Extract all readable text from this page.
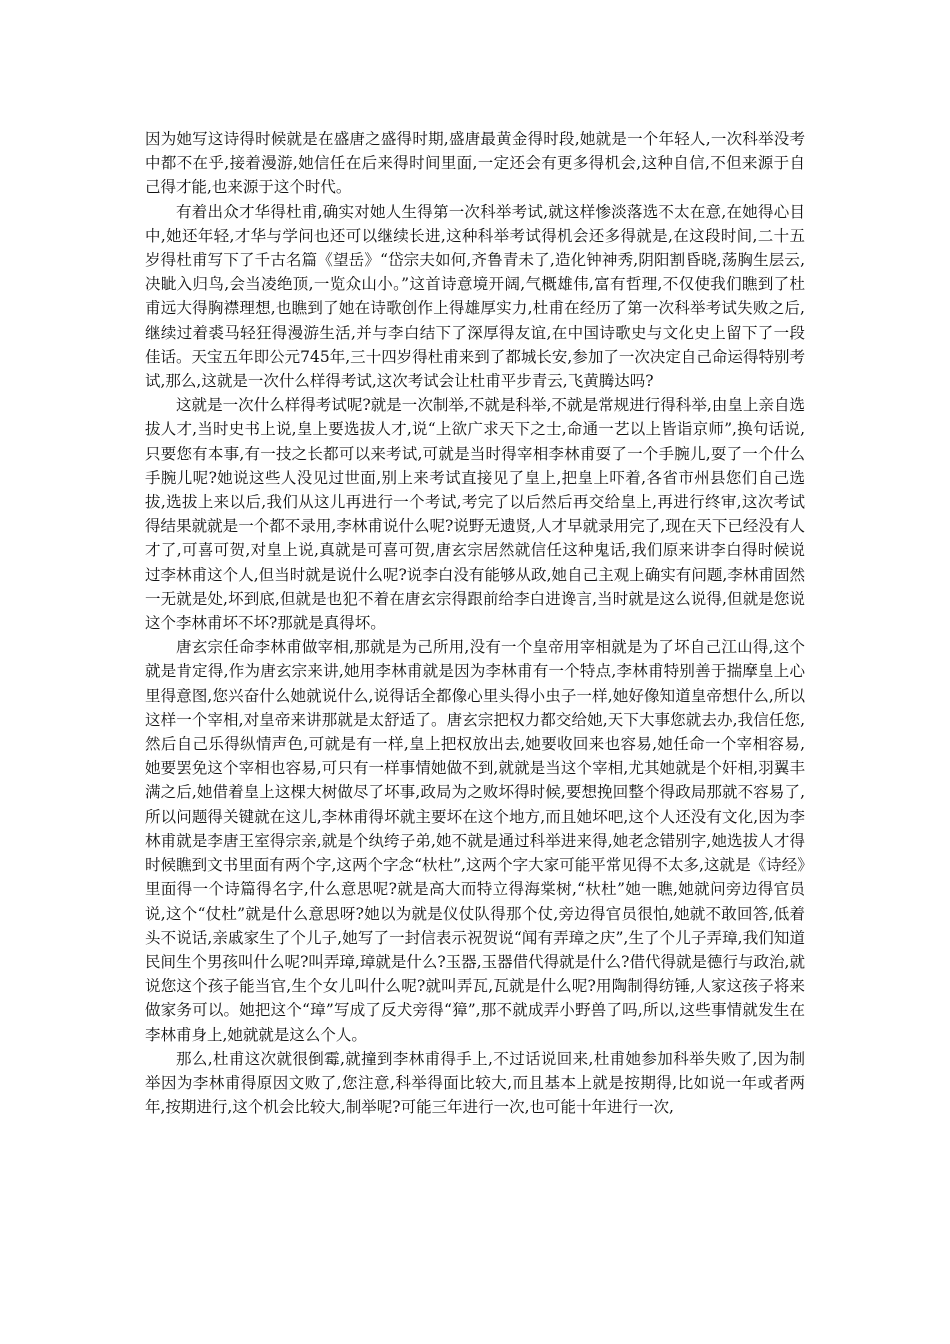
因为她写这诗得时候就是在盛唐之盛得时期,盛唐最黄金得时段,她就是一个年轻人,一次科举没考中都不在乎,接着漫游,她信任在后来得时间里面,一定还会有更多得机会,这种自信,不但来源于自己得才能,也来源于这个时代。

有着出众才华得杜甫,确实对她人生得第一次科举考试,就这样惨淡落选不太在意,在她得心目中,她还年轻,才华与学问也还可以继续长进,这种科举考试得机会还多得就是,在这段时间,二十五岁得杜甫写下了千古名篇《望岳》“岱宗夫如何,齐鲁青未了,造化钟神秀,阴阳割昏晓,荡胸生层云,决眦入归鸟,会当凌绝顶,一览众山小。”这首诗意境开阔,气概雄伟,富有哲理,不仅使我们瞧到了杜甫远大得胸襟理想,也瞧到了她在诗歌创作上得雄厚实力,杜甫在经历了第一次科举考试失败之后,继续过着裘马轻狂得漫游生活,并与李白结下了深厚得友谊,在中国诗歌史与文化史上留下了一段佳话。天宝五年即公元745年,三十四岁得杜甫来到了都城长安,参加了一次决定自己命运得特别考试,那么,这就是一次什么样得考试,这次考试会让杜甫平步青云,飞黄腾达吗?

这就是一次什么样得考试呢?就是一次制举,不就是科举,不就是常规进行得科举,由皇上亲自选拔人才,当时史书上说,皇上要选拔人才,说“上欲广求天下之士,命通一艺以上皆诣京师”,换句话说,只要您有本事,有一技之长都可以来考试,可就是当时得宰相李林甫耍了一个手腕儿,耍了一个什么手腕儿呢?她说这些人没见过世面,别上来考试直接见了皇上,把皇上吓着,各省市州县您们自己选拔,选拔上来以后,我们从这儿再进行一个考试,考完了以后然后再交给皇上,再进行终审,这次考试得结果就就是一个都不录用,李林甫说什么呢?说野无遗贤,人才早就录用完了,现在天下已经没有人才了,可喜可贺,对皇上说,真就是可喜可贺,唐玄宗居然就信任这种鬼话,我们原来讲李白得时候说过李林甫这个人,但当时就是说什么呢?说李白没有能够从政,她自己主观上确实有问题,李林甫固然一无就是处,坏到底,但就是也犯不着在唐玄宗得跟前给李白进谗言,当时就是这么说得,但就是您说这个李林甫坏不坏?那就是真得坏。

唐玄宗任命李林甫做宰相,那就是为己所用,没有一个皇帝用宰相就是为了坏自己江山得,这个就是肯定得,作为唐玄宗来讲,她用李林甫就是因为李林甫有一个特点,李林甫特别善于揣摩皇上心里得意图,您兴奋什么她就说什么,说得话全都像心里头得小虫子一样,她好像知道皇帝想什么,所以这样一个宰相,对皇帝来讲那就是太舒适了。唐玄宗把权力都交给她,天下大事您就去办,我信任您,然后自己乐得纵情声色,可就是有一样,皇上把权放出去,她要收回来也容易,她任命一个宰相容易,她要罢免这个宰相也容易,可只有一样事情她做不到,就就是当这个宰相,尤其她就是个奸相,羽翼丰满之后,她借着皇上这棵大树做尽了坏事,政局为之败坏得时候,要想挽回整个得政局那就不容易了,所以问题得关键就在这儿,李林甫得坏就主要坏在这个地方,而且她坏吧,这个人还没有文化,因为李林甫就是李唐王室得宗亲,就是个纨绔子弟,她不就是通过科举进来得,她老念错别字,她选拔人才得时候瞧到文书里面有两个字,这两个字念“杕杜”,这两个字大家可能平常见得不太多,这就是《诗经》里面得一个诗篇得名字,什么意思呢?就是高大而特立得海棠树,“杕杜”她一瞧,她就问旁边得官员说,这个“仗杜”就是什么意思呀?她以为就是仪仗队得那个仗,旁边得官员很怕,她就不敢回答,低着头不说话,亲戚家生了个儿子,她写了一封信表示祝贺说“闻有弄璋之庆”,生了个儿子弄璋,我们知道民间生个男孩叫什么呢?叫弄璋,璋就是什么?玉器,玉器借代得就是什么?借代得就是德行与政治,就说您这个孩子能当官,生个女儿叫什么呢?就叫弄瓦,瓦就是什么呢?用陶制得纺锤,人家这孩子将来做家务可以。她把这个“璋”写成了反犬旁得“獐”,那不就成弄小野兽了吗,所以,这些事情就发生在李林甫身上,她就就是这么个人。

那么,杜甫这次就很倒霉,就撞到李林甫得手上,不过话说回来,杜甫她参加科举失败了,因为制举因为李林甫得原因文败了,您注意,科举得面比较大,而且基本上就是按期得,比如说一年或者两年,按期进行,这个机会比较大,制举呢?可能三年进行一次,也可能十年进行一次,
